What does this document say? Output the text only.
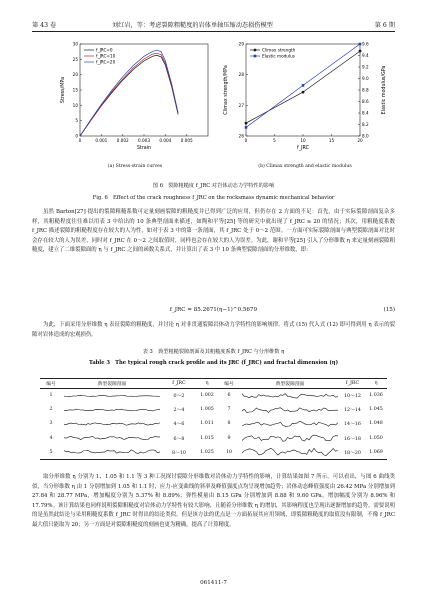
第 43 卷	刘红岩，等：考虑裂隙粗糙度的岩体单轴压缩动态损伤模型	第 6 期
0	0.001 0.002 0.003 0.004 0.005
0
5
10
15
20
25
30
Strain
Stress/MPa
f_JRC=0
f_JRC=10
f_JRC=20
0	5	10	15	20
26
27
28
29
8.0
8.2
8.4
8.6
8.8
9.0
9.2
9.4
9.6
f_JRC
Climax strength/MPa	Elastic modulus/GPa
Climax strength
Elastic modulus
(a) Stress-strain curves	(b) Climax strength and elastic modulus
图 6　裂隙粗糙度 f_JRC 对岩体动态力学特性的影响
Fig. 6　Effect of the crack roughness f_JRC on the rocksmass dynamic mechanical behavior
虽然 Barton[27] 提出的裂隙粗糙系数可定量刻画裂隙的粗糙度并已得到广泛的应用，但仍存在 2 方面的不足：首先，由于实际裂隙剖面复杂多样，其粗糙程度往往难以用表 3 中给出的 10 条典型剖面来描述，如陶和平等[25] 等的研究中就出现了 f_JRC ≥ 20 的情况；其次，用粗糙度系数 f_JRC 描述裂隙的粗糙程度存在较大的人为性，如对于表 3 中的第一条剖面，其 f_JRC 处于 0～2 范围。一方面可实际裂隙剖面与典型裂隙剖面对比时会存在较大的人为误差，同时对 f_JRC 在 0～2 之间取值时，同样也会存在较大的人为误差。为此，谢和平等[25] 引入了分形维数 η 来定量刻画裂隙粗糙度，建立了二维裂隙面的 η 与 f_JRC 之间的函数关系式，并计算出了表 3 中 10 条典型裂隙剖面的分形维数，即：
f_JRC = 85.2671(η−1)^0.5679	(15)
为此，下面采用分形维数 η 表征裂隙的粗糙度，并讨论 η 对非贯通裂隙岩体动力学特性的影响规律。将式 (15) 代入式 (12) 即可得到用 η 表示的裂隙对岩体造成的宏观损伤。
表 3　典型粗糙裂隙剖面及其粗糙度系数 f_JRC 与分形维数 η
Table 3　The typical rough crack profile and its JRC (f_JRC) and fractal dimension (η)
编号	典型裂隙剖面	f_JRC	η	编号	典型裂隙剖面	f_JRC	η
1		0～2	1.002	6		10～12	1.036
2		2～4	1.005	7		12～14	1.045
3		4～6	1.011	8		14～16	1.048
4		6～8	1.015	9		16～18	1.050
5		8～10	1.025	10		18～20	1.069
取分形维数 η 分别为 1、1.05 和 1.1 等 3 种工况探讨裂隙分形维数对岩体动力学特性的影响，计算结果如图 7 所示。可以看出，与图 6 曲线类似，当分形维数 η 由 1 分别增加到 1.05 和 1.1 时，应力-应变曲线的斜率及峰值强度点均呈现增加趋势；岩体动态峰值强度由 26.42 MPa 分别增加到 27.84 和 28.77 MPa，增加幅度分别为 5.37% 和 8.89%；弹性模量由 8.15 GPa 分别增加到 8.88 和 9.60 GPa，增加幅度分别为 8.96% 和 17.79%。该计算结果也同样说明裂隙粗糙度对岩体动力学特性有较大影响，且随着分形维数 η 的增加，其影响程度也呈现出逐渐增加的趋势。需要说明的是虽然此结论与采用粗糙度系数 f_JRC 时得出的结论类似，但是该方法的优点是一方面拓展其应用领域，即裂隙粗糙度的取值没有限制，不像 f_JRC 最大值只能取为 20；另一方面是对裂隙粗糙度的刻画也更为精确，提高了计算精度。
061411-7
